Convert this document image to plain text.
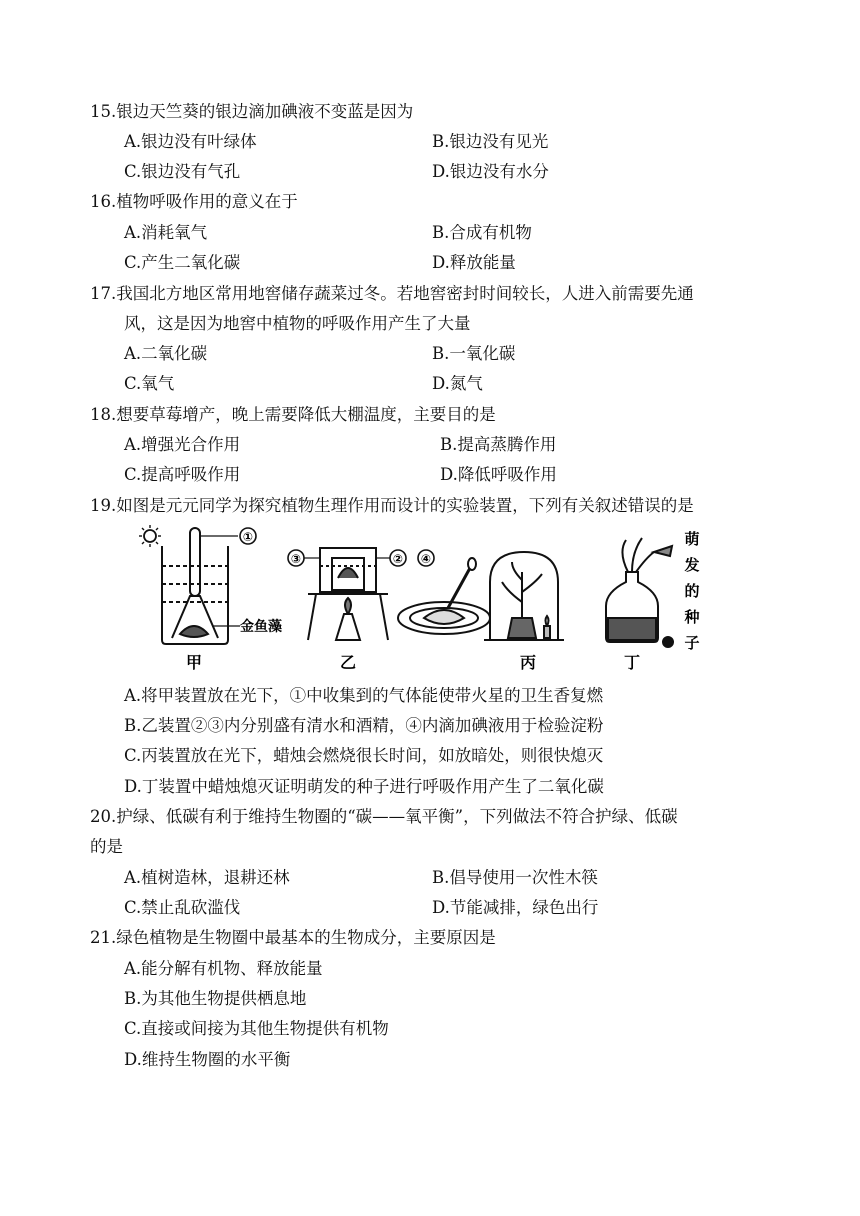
15.银边天竺葵的银边滴加碘液不变蓝是因为
A.银边没有叶绿体	B.银边没有见光
C.银边没有气孔	D.银边没有水分
16.植物呼吸作用的意义在于
A.消耗氧气	B.合成有机物
C.产生二氧化碳	D.释放能量
17.我国北方地区常用地窖储存蔬菜过冬。若地窖密封时间较长，人进入前需要先通
风，这是因为地窖中植物的呼吸作用产生了大量
A.二氧化碳	B.一氧化碳
C.氧气	D.氮气
18.想要草莓增产，晚上需要降低大棚温度，主要目的是
A.增强光合作用	B.提高蒸腾作用
C.提高呼吸作用	D.降低呼吸作用
19.如图是元元同学为探究植物生理作用而设计的实验装置，下列有关叙述错误的是
①
金鱼藻
甲
③	②
乙
④
丙	丁
萌
发
的
种
子
A.将甲装置放在光下，①中收集到的气体能使带火星的卫生香复燃
B.乙装置②③内分别盛有清水和酒精，④内滴加碘液用于检验淀粉
C.丙装置放在光下，蜡烛会燃烧很长时间，如放暗处，则很快熄灭
D.丁装置中蜡烛熄灭证明萌发的种子进行呼吸作用产生了二氧化碳
20.护绿、低碳有利于维持生物圈的“碳——氧平衡”，下列做法不符合护绿、低碳
的是
A.植树造林，退耕还林	B.倡导使用一次性木筷
C.禁止乱砍滥伐	D.节能减排，绿色出行
21.绿色植物是生物圈中最基本的生物成分，主要原因是
A.能分解有机物、释放能量
B.为其他生物提供栖息地
C.直接或间接为其他生物提供有机物
D.维持生物圈的水平衡
